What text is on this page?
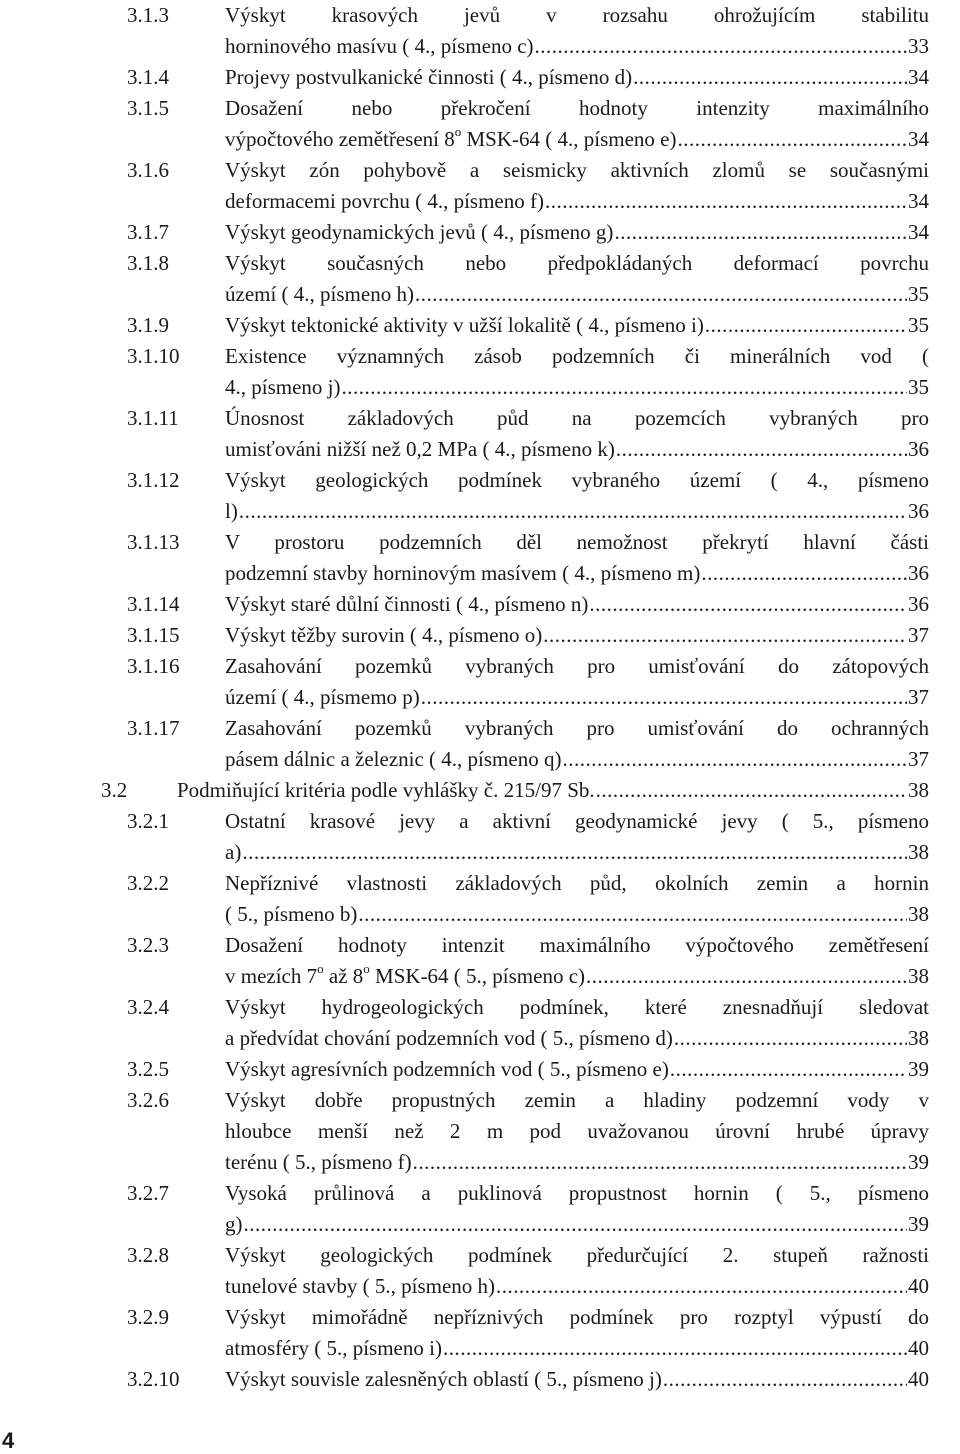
3.1.3	Výskyt krasových jevů v rozsahu ohrožujícím stabilitu
horninového masívu ( 4., písmeno c) .....	33
3.1.4	Projevy postvulkanické činnosti ( 4., písmeno d) .....	34
3.1.5	Dosažení nebo překročení hodnoty intenzity maximálního
výpočtového zemětřesení 8$^o$ MSK-64 ( 4., písmeno e) .....	34
3.1.6	Výskyt zón pohybově a seismicky aktivních zlomů se současnými
deformacemi povrchu ( 4., písmeno f) .....	34
3.1.7	Výskyt geodynamických jevů ( 4., písmeno g) .....	34
3.1.8	Výskyt současných nebo předpokládaných deformací povrchu
území ( 4., písmeno h) .....	35
3.1.9	Výskyt tektonické aktivity v užší lokalitě ( 4., písmeno i) .....	35
3.1.10 Existence významných zásob podzemních či minerálních vod (
4., písmeno j) .....	35
3.1.11 Únosnost základových půd na pozemcích vybraných pro
umisťováni nižší než 0,2 MPa ( 4., písmeno k) .....	36
3.1.12 Výskyt geologických podmínek vybraného území ( 4., písmeno
l) .....	36
3.1.13 V prostoru podzemních děl nemožnost překrytí hlavní části
podzemní stavby horninovým masívem ( 4., písmeno m) .....	36
3.1.14 Výskyt staré důlní činnosti ( 4., písmeno n) .....	36
3.1.15 Výskyt těžby surovin ( 4., písmeno o) .....	37
3.1.16 Zasahování pozemků vybraných pro umisťování do zátopových
území ( 4., písmemo p) .....	37
3.1.17 Zasahování pozemků vybraných pro umisťování do ochranných
pásem dálnic a železnic ( 4., písmeno q) .....	37
3.2 Podmiňující kritéria podle vyhlášky č. 215/97 Sb. .....	38
3.2.1	Ostatní krasové jevy a aktivní geodynamické jevy ( 5., písmeno
a) .....	38
3.2.2	Nepříznivé vlastnosti základových půd, okolních zemin a hornin
( 5., písmeno b) .....	38
3.2.3	Dosažení hodnoty intenzit maximálního výpočtového zemětřesení
v mezích 7$^o$ až 8$^o$ MSK-64 ( 5., písmeno c) .....	38
3.2.4	Výskyt hydrogeologických podmínek, které znesnadňují sledovat
a předvídat chování podzemních vod ( 5., písmeno d) .....	38
3.2.5	Výskyt agresívních podzemních vod ( 5., písmeno e) .....	39
3.2.6	Výskyt dobře propustných zemin a hladiny podzemní vody v
hloubce menší než 2 m pod uvažovanou úrovní hrubé úpravy
terénu ( 5., písmeno f) .....	39
3.2.7	Vysoká průlinová a puklinová propustnost hornin ( 5., písmeno
g) .....	39
3.2.8	Výskyt geologických podmínek předurčující 2. stupeň ražnosti
tunelové stavby ( 5., písmeno h) .....	40
3.2.9	Výskyt mimořádně nepříznivých podmínek pro rozptyl výpustí do
atmosféry ( 5., písmeno i) .....	40
3.2.10 Výskyt souvisle zalesněných oblastí ( 5., písmeno j) .....	40
4
